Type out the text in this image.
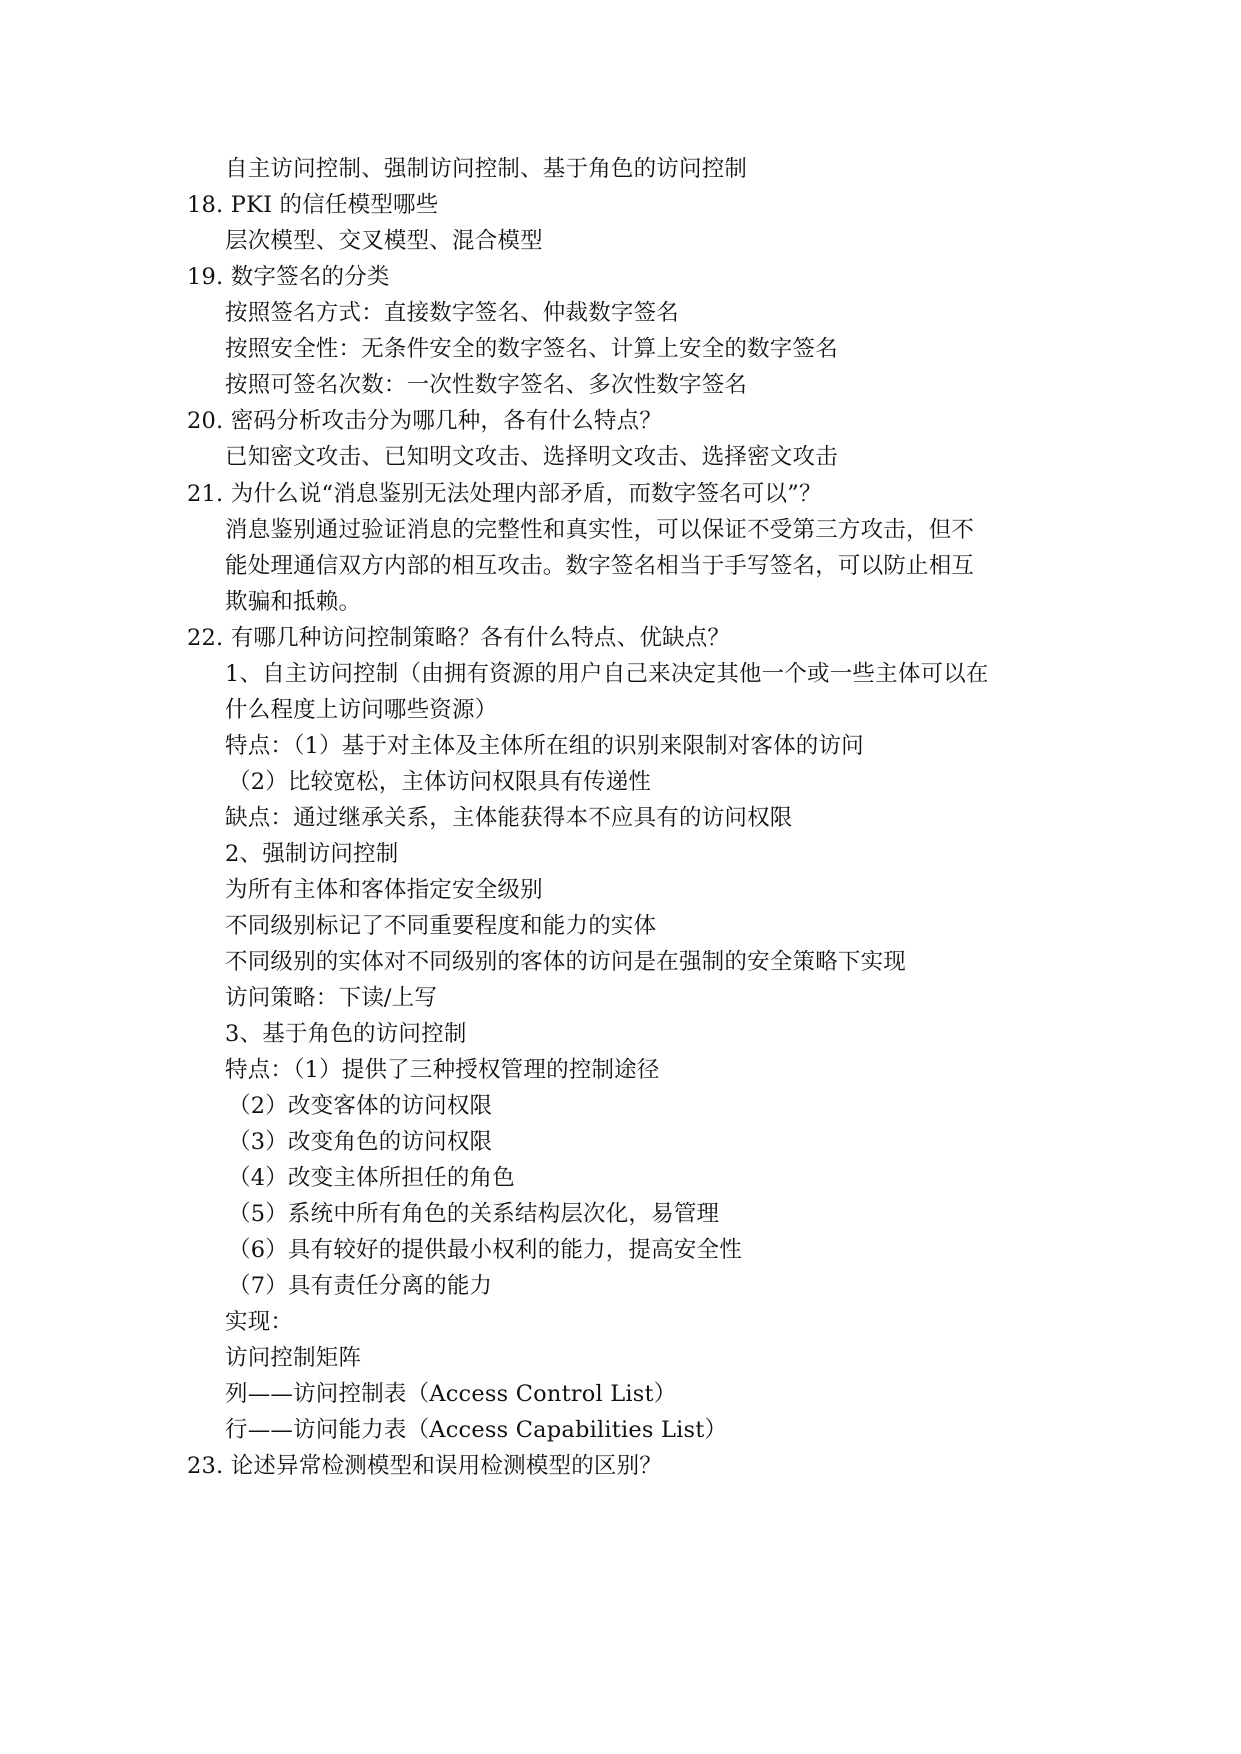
自主访问控制、强制访问控制、基于角色的访问控制
18. PKI 的信任模型哪些
层次模型、交叉模型、混合模型
19. 数字签名的分类
按照签名方式：直接数字签名、仲裁数字签名
按照安全性：无条件安全的数字签名、计算上安全的数字签名
按照可签名次数：一次性数字签名、多次性数字签名
20. 密码分析攻击分为哪几种，各有什么特点？
已知密文攻击、已知明文攻击、选择明文攻击、选择密文攻击
21. 为什么说“消息鉴别无法处理内部矛盾，而数字签名可以”？
消息鉴别通过验证消息的完整性和真实性，可以保证不受第三方攻击，但不
能处理通信双方内部的相互攻击。数字签名相当于手写签名，可以防止相互
欺骗和抵赖。
22. 有哪几种访问控制策略？各有什么特点、优缺点？
1、自主访问控制（由拥有资源的用户自己来决定其他一个或一些主体可以在
什么程度上访问哪些资源）
特点：（1）基于对主体及主体所在组的识别来限制对客体的访问
（2）比较宽松，主体访问权限具有传递性
缺点：通过继承关系，主体能获得本不应具有的访问权限
2、强制访问控制
为所有主体和客体指定安全级别
不同级别标记了不同重要程度和能力的实体
不同级别的实体对不同级别的客体的访问是在强制的安全策略下实现
访问策略：下读/上写
3、基于角色的访问控制
特点：（1）提供了三种授权管理的控制途径
（2）改变客体的访问权限
（3）改变角色的访问权限
（4）改变主体所担任的角色
（5）系统中所有角色的关系结构层次化，易管理
（6）具有较好的提供最小权利的能力，提高安全性
（7）具有责任分离的能力
实现：
访问控制矩阵
列——访问控制表（Access Control List）
行——访问能力表（Access Capabilities List）
23. 论述异常检测模型和误用检测模型的区别？
